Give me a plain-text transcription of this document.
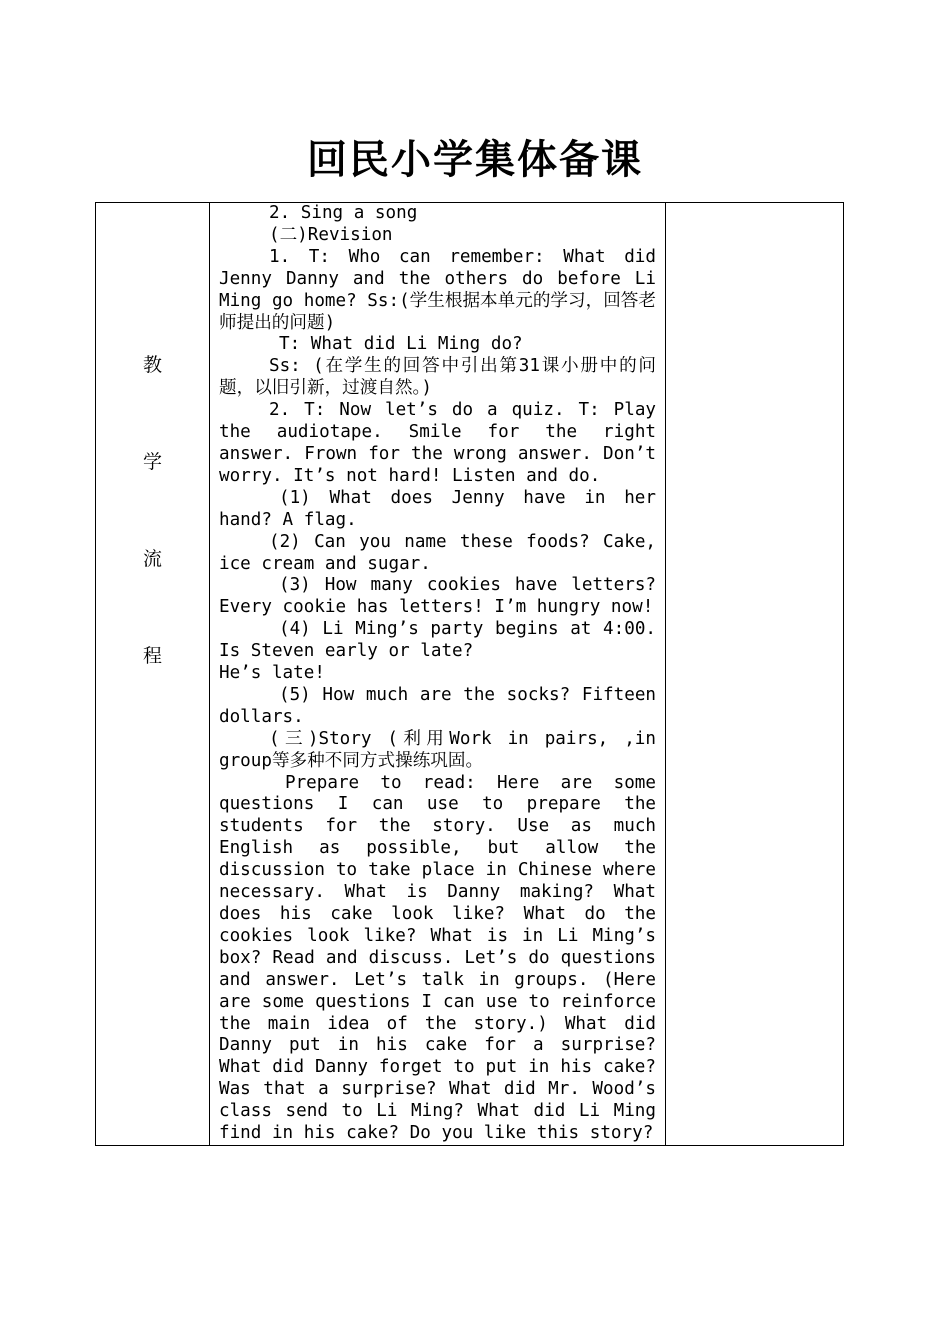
回民小学集体备课
教
学
流
程

2. Sing a song

(二)Revision

1. T: Who can remember: What did Jenny Danny and the others do before Li Ming go home? Ss:(学生根据本单元的学习，回答老师提出的问题)

T: What did Li Ming do?

Ss: (在学生的回答中引出第31课小册中的问题，以旧引新，过渡自然。)

2. T: Now let’s do a quiz. T: Play the audiotape. Smile for the right answer. Frown for the wrong answer. Don’t worry. It’s not hard! Listen and do.

(1) What does Jenny have in her hand? A flag.

(2) Can you name these foods? Cake, ice cream and sugar.

(3) How many cookies have letters? Every cookie has letters! I’m hungry now!

(4) Li Ming’s party begins at 4:00. Is Steven early or late?

He’s late!

(5) How much are the socks? Fifteen dollars.

(三)Story (利用Work in pairs, ,in group等多种不同方式操练巩固。

Prepare to read: Here are some questions I can use to prepare the students for the story. Use as much English as possible, but allow the discussion to take place in Chinese where necessary. What is Danny making? What does his cake look like? What do the cookies look like? What is in Li Ming’s box? Read and discuss. Let’s do questions and answer. Let’s talk in groups. (Here are some questions I can use to reinforce the main idea of the story.) What did Danny put in his cake for a surprise? What did Danny forget to put in his cake? Was that a surprise? What did Mr. Wood’s class send to Li Ming? What did Li Ming find in his cake? Do you like this story?
